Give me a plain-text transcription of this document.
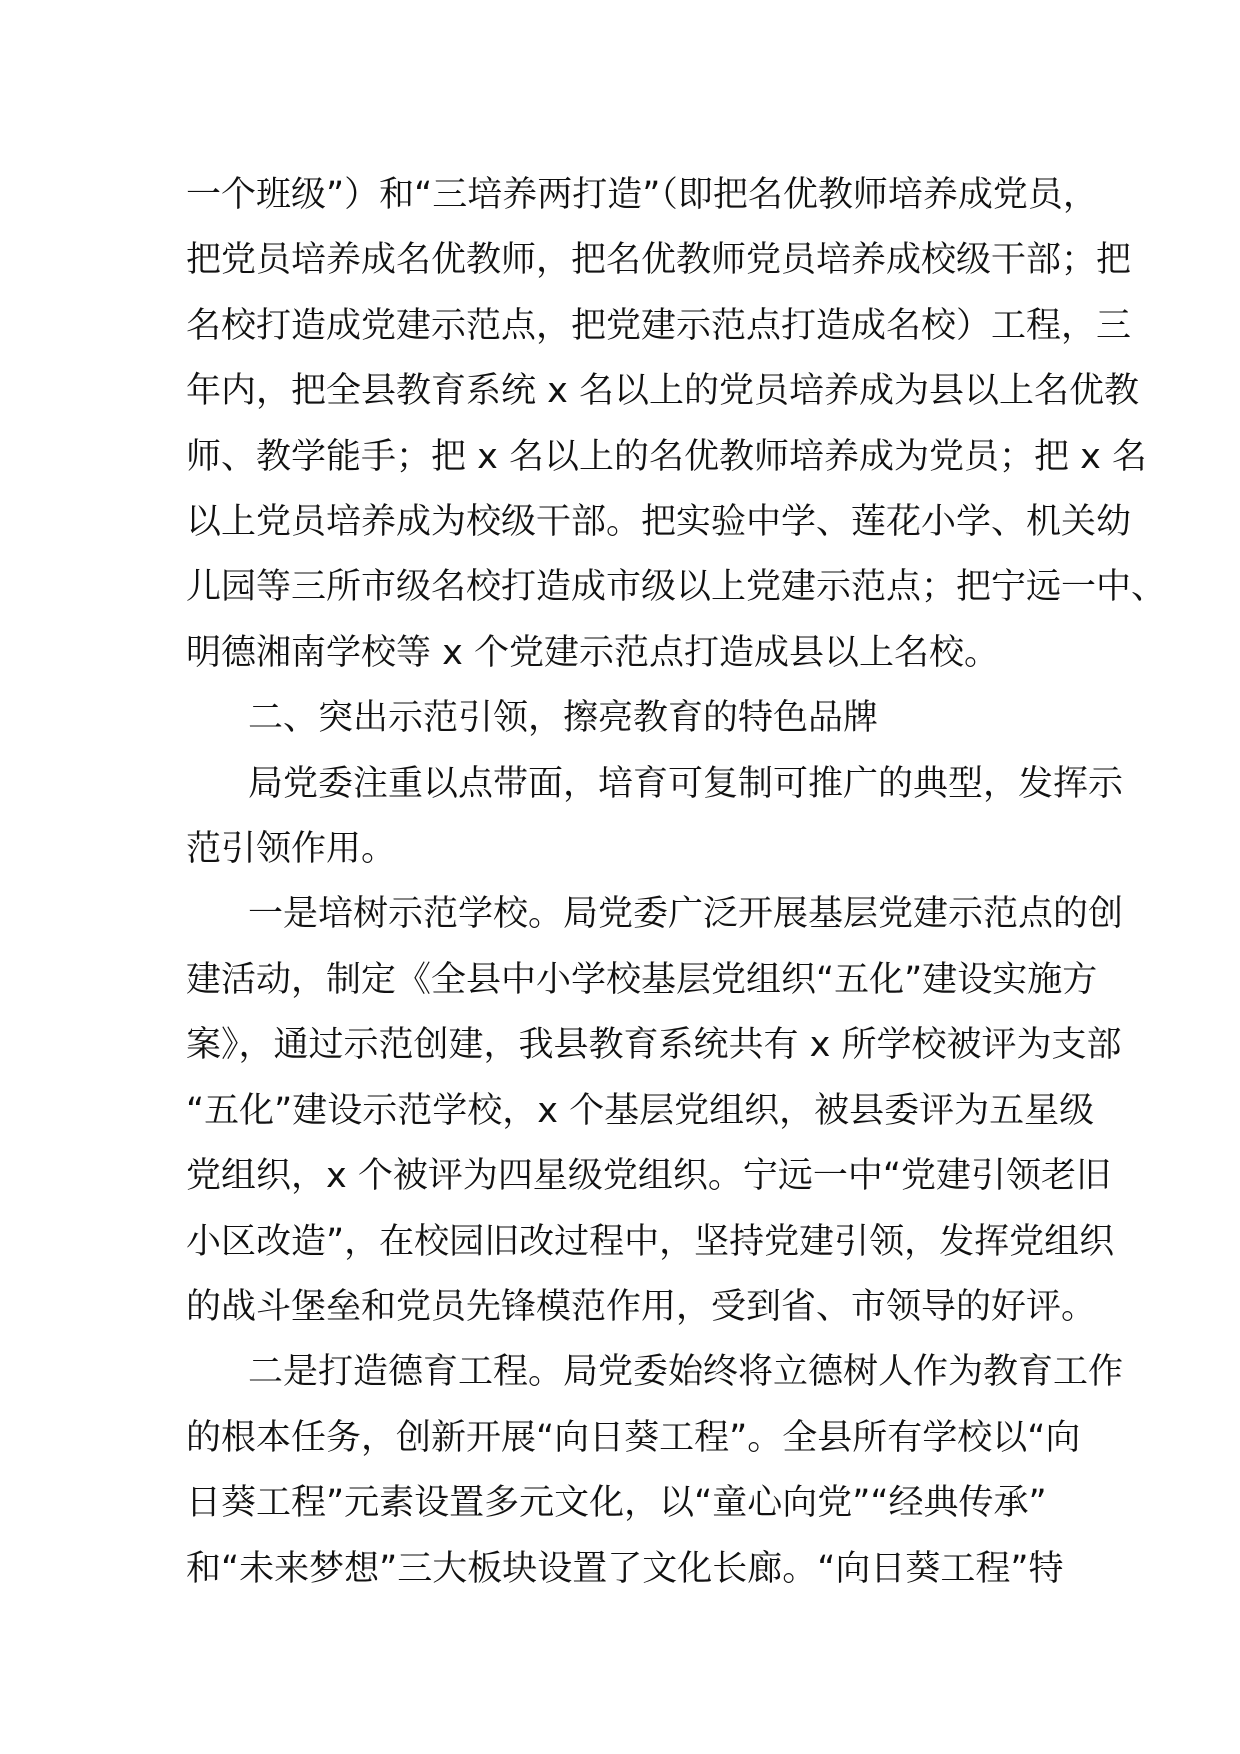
一个班级”）和“三培养两打造”（即把名优教师培养成党员，
把党员培养成名优教师，把名优教师党员培养成校级干部；把
名校打造成党建示范点，把党建示范点打造成名校）工程，三
年内，把全县教育系统 x 名以上的党员培养成为县以上名优教
师、教学能手；把 x 名以上的名优教师培养成为党员；把 x 名
以上党员培养成为校级干部。把实验中学、莲花小学、机关幼
儿园等三所市级名校打造成市级以上党建示范点；把宁远一中、
明德湘南学校等 x 个党建示范点打造成县以上名校。

二、突出示范引领，擦亮教育的特色品牌

局党委注重以点带面，培育可复制可推广的典型，发挥示
范引领作用。

一是培树示范学校。局党委广泛开展基层党建示范点的创
建活动，制定《全县中小学校基层党组织“五化”建设实施方
案》，通过示范创建，我县教育系统共有 x 所学校被评为支部
“五化”建设示范学校，x 个基层党组织，被县委评为五星级
党组织，x 个被评为四星级党组织。宁远一中“党建引领老旧
小区改造”，在校园旧改过程中，坚持党建引领，发挥党组织
的战斗堡垒和党员先锋模范作用，受到省、市领导的好评。

二是打造德育工程。局党委始终将立德树人作为教育工作
的根本任务，创新开展“向日葵工程”。全县所有学校以“向
日葵工程”元素设置多元文化，以“童心向党”“经典传承”
和“未来梦想”三大板块设置了文化长廊。“向日葵工程”特
